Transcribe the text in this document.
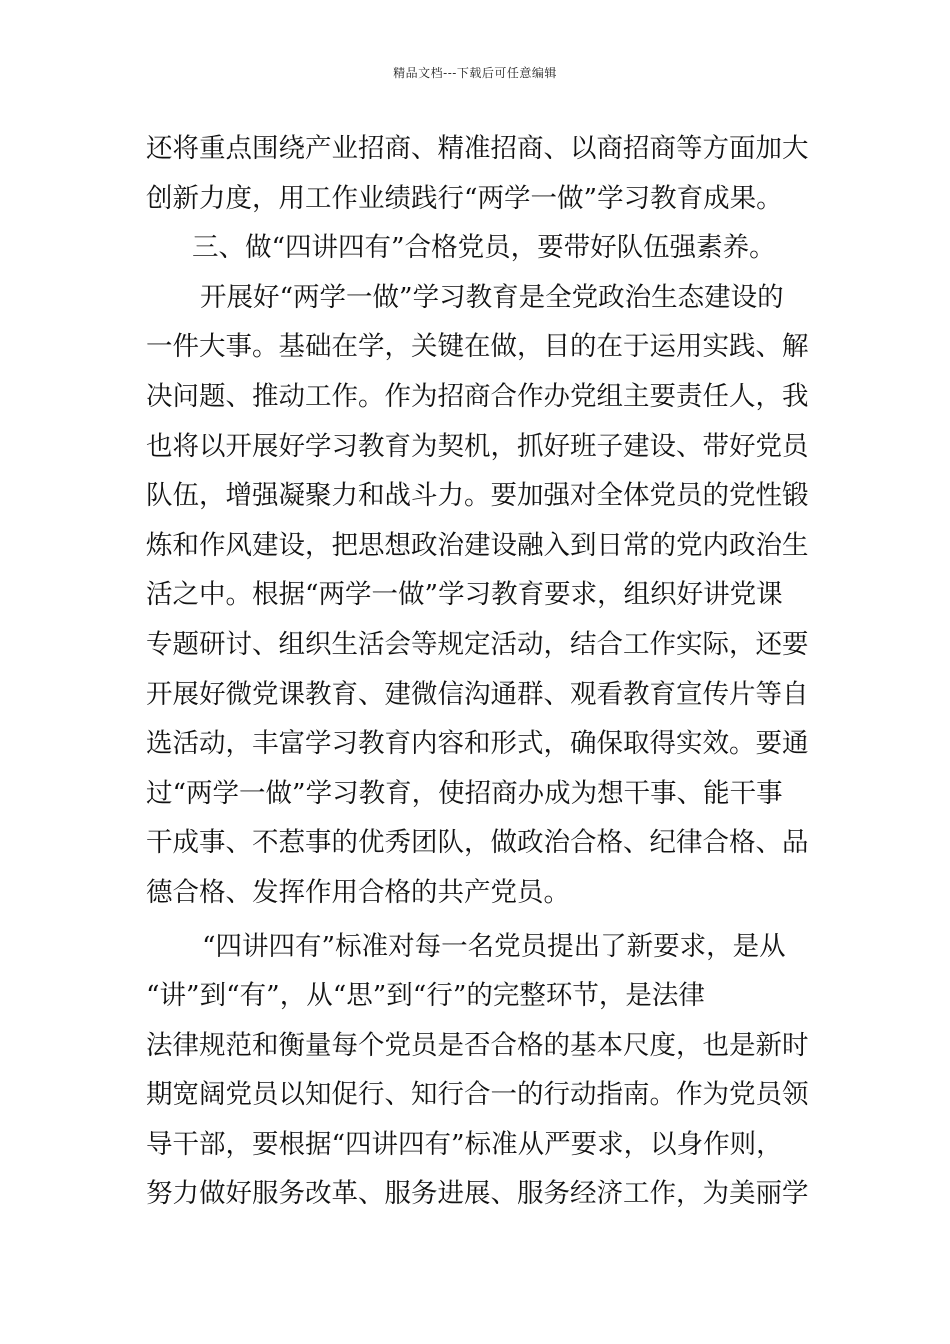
精品文档---下载后可任意编辑
还将重点围绕产业招商、精准招商、以商招商等方面加大
创新力度，用工作业绩践行“两学一做”学习教育成果。
三、做“四讲四有”合格党员，要带好队伍强素养。
开展好“两学一做”学习教育是全党政治生态建设的
一件大事。基础在学，关键在做，目的在于运用实践、解
决问题、推动工作。作为招商合作办党组主要责任人，我
也将以开展好学习教育为契机，抓好班子建设、带好党员
队伍，增强凝聚力和战斗力。要加强对全体党员的党性锻
炼和作风建设，把思想政治建设融入到日常的党内政治生
活之中。根据“两学一做”学习教育要求，组织好讲党课
专题研讨、组织生活会等规定活动，结合工作实际，还要
开展好微党课教育、建微信沟通群、观看教育宣传片等自
选活动，丰富学习教育内容和形式，确保取得实效。要通
过“两学一做”学习教育，使招商办成为想干事、能干事
干成事、不惹事的优秀团队，做政治合格、纪律合格、品
德合格、发挥作用合格的共产党员。
“四讲四有”标准对每一名党员提出了新要求，是从
“讲”到“有”，从“思”到“行”的完整环节，是法律
法律规范和衡量每个党员是否合格的基本尺度，也是新时
期宽阔党员以知促行、知行合一的行动指南。作为党员领
导干部，要根据“四讲四有”标准从严要求，以身作则，
努力做好服务改革、服务进展、服务经济工作，为美丽学
